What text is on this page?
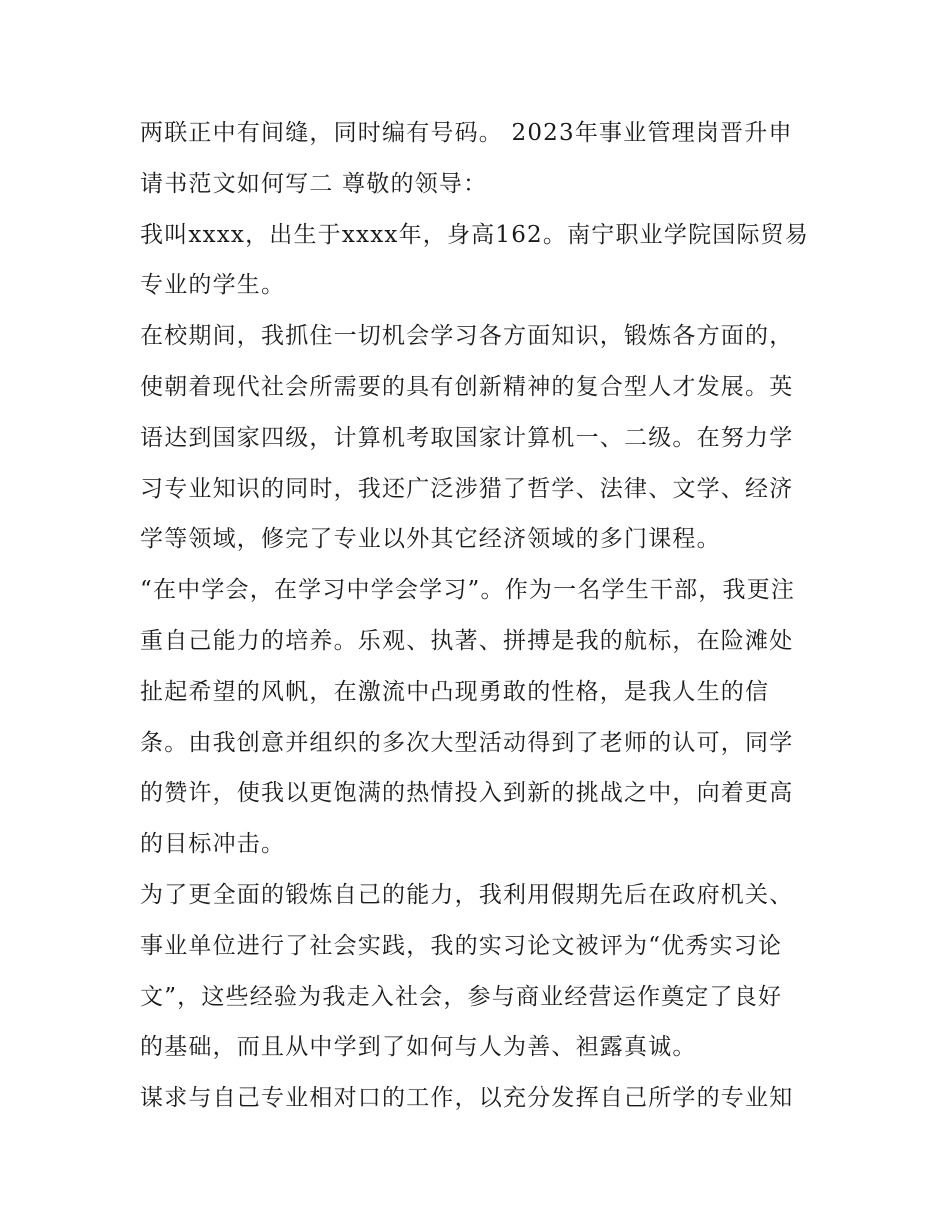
两联正中有间缝，同时编有号码。 2023年事业管理岗晋升申
请书范文如何写二 尊敬的领导：
我叫xxxx，出生于xxxx年，身高162。南宁职业学院国际贸易
专业的学生。
在校期间，我抓住一切机会学习各方面知识，锻炼各方面的，
使朝着现代社会所需要的具有创新精神的复合型人才发展。英
语达到国家四级，计算机考取国家计算机一、二级。在努力学
习专业知识的同时，我还广泛涉猎了哲学、法律、文学、经济
学等领域，修完了专业以外其它经济领域的多门课程。
“在中学会，在学习中学会学习”。作为一名学生干部，我更注
重自己能力的培养。乐观、执著、拼搏是我的航标，在险滩处
扯起希望的风帆，在激流中凸现勇敢的性格，是我人生的信
条。由我创意并组织的多次大型活动得到了老师的认可，同学
的赞许，使我以更饱满的热情投入到新的挑战之中，向着更高
的目标冲击。
为了更全面的锻炼自己的能力，我利用假期先后在政府机关、
事业单位进行了社会实践，我的实习论文被评为“优秀实习论
文”，这些经验为我走入社会，参与商业经营运作奠定了良好
的基础，而且从中学到了如何与人为善、袒露真诚。
谋求与自己专业相对口的工作，以充分发挥自己所学的专业知
